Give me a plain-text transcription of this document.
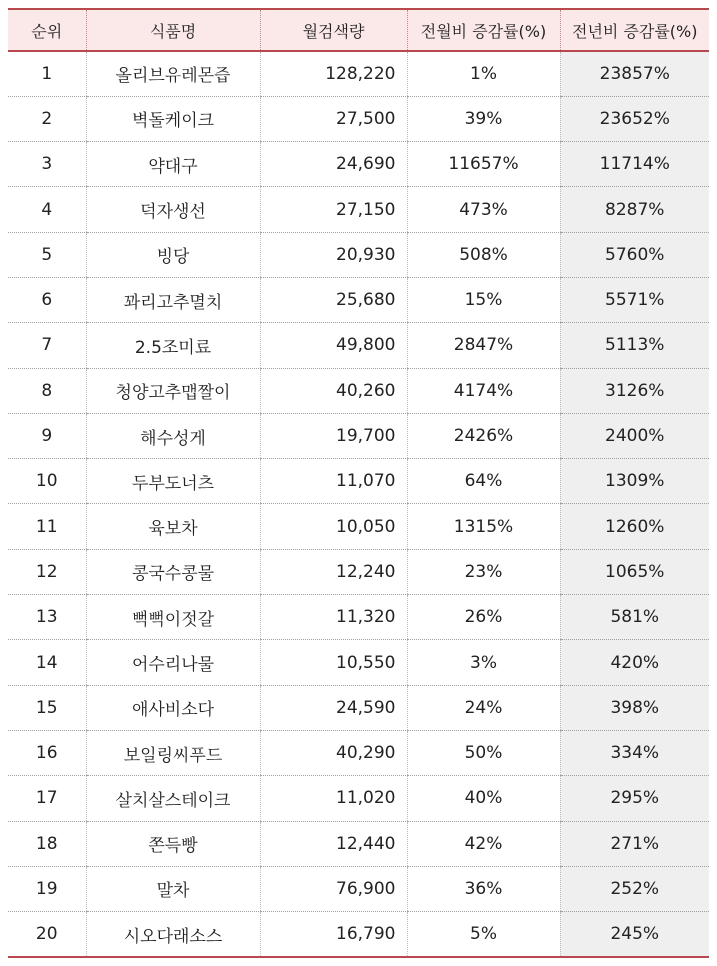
순위	식품명	월검색량	전월비 증감률(%)	전년비 증감률(%)
1	올리브유레몬즙	128,220	1%	23857%
2	벽돌케이크	27,500	39%	23652%
3	약대구	24,690	11657%	11714%
4	덕자생선	27,150	473%	8287%
5	빙당	20,930	508%	5760%
6	꽈리고추멸치	25,680	15%	5571%
7	2.5조미료	49,800	2847%	5113%
8	청양고추맵짤이	40,260	4174%	3126%
9	해수성게	19,700	2426%	2400%
10	두부도너츠	11,070	64%	1309%
11	육보차	10,050	1315%	1260%
12	콩국수콩물	12,240	23%	1065%
13	뻑뻑이젓갈	11,320	26%	581%
14	어수리나물	10,550	3%	420%
15	애사비소다	24,590	24%	398%
16	보일링씨푸드	40,290	50%	334%
17	살치살스테이크	11,020	40%	295%
18	쫀득빵	12,440	42%	271%
19	말차	76,900	36%	252%
20	시오다래소스	16,790	5%	245%
